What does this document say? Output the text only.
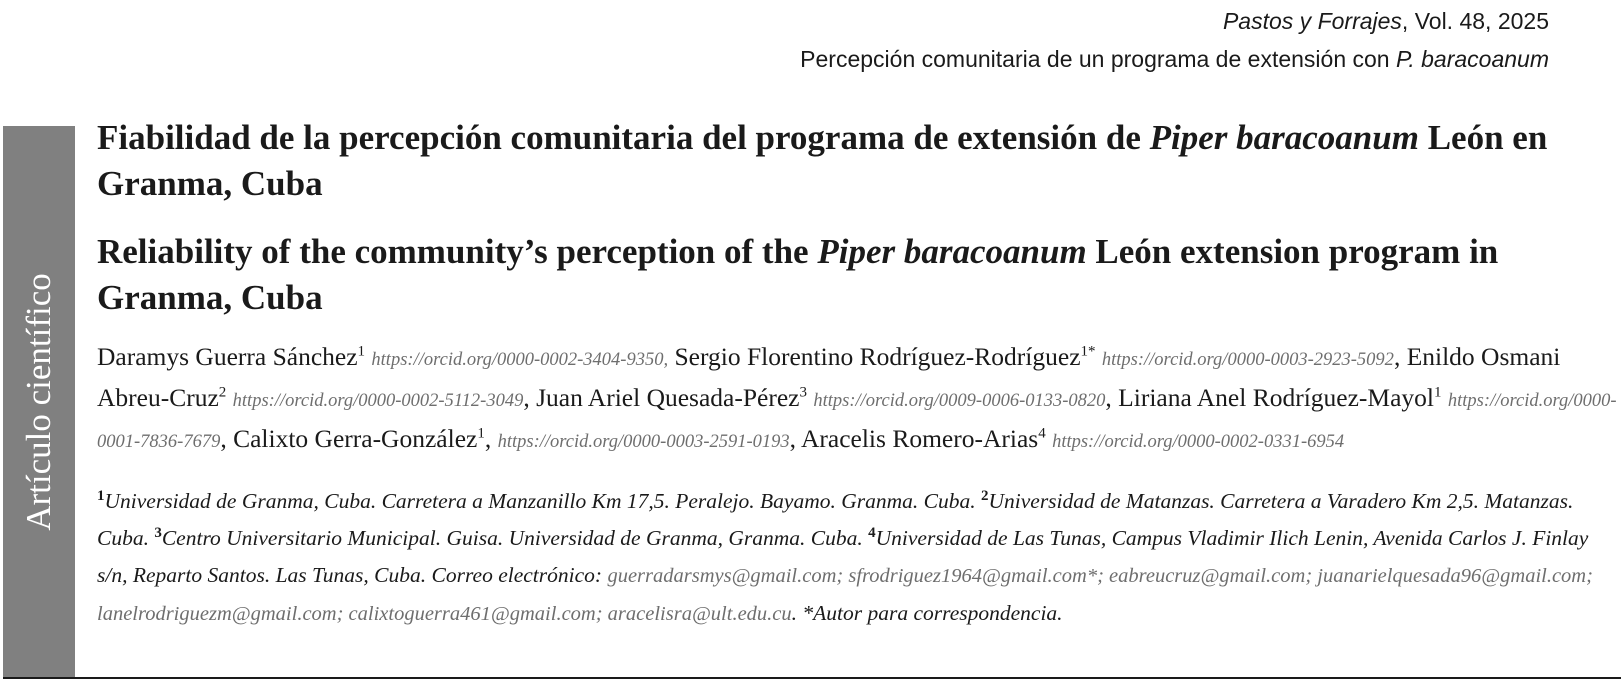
Pastos y Forrajes, Vol. 48, 2025
Percepción comunitaria de un programa de extensión con P. baracoanum
Artículo científico
Fiabilidad de la percepción comunitaria del programa de extensión de Piper baracoanum León en Granma, Cuba
Reliability of the community’s perception of the Piper baracoanum León extension program in Granma, Cuba
Daramys Guerra Sánchez$^1$ https://orcid.org/0000-0002-3404-9350, Sergio Florentino Rodríguez-Rodríguez$^{1*}$ https://orcid.org/0000-0003-2923-5092, Enildo Osmani Abreu-Cruz$^2$ https://orcid.org/0000-0002-5112-3049, Juan Ariel Quesada-Pérez$^3$ https://orcid.org/0009-0006-0133-0820, Liriana Anel Rodríguez-Mayol$^1$ https://orcid.org/0000-0001-7836-7679, Calixto Gerra-González$^1$, https://orcid.org/0000-0003-2591-0193, Aracelis Romero-Arias$^4$ https://orcid.org/0000-0002-0331-6954
$^1$Universidad de Granma, Cuba. Carretera a Manzanillo Km 17,5. Peralejo. Bayamo. Granma. Cuba. $^2$Universidad de Matanzas. Carretera a Varadero Km 2,5. Matanzas. Cuba. $^3$Centro Universitario Municipal. Guisa. Universidad de Granma, Granma. Cuba. $^4$Universidad de Las Tunas, Campus Vladimir Ilich Lenin, Avenida Carlos J. Finlay s/n, Reparto Santos. Las Tunas, Cuba. Correo electrónico: guerradarsmys@gmail.com; sfrodriguez1964@gmail.com*; eabreucruz@gmail.com; juanarielquesada96@gmail.com; lanelrodriguezm@gmail.com; calixtoguerra461@gmail.com; aracelisra@ult.edu.cu. *Autor para correspondencia.
